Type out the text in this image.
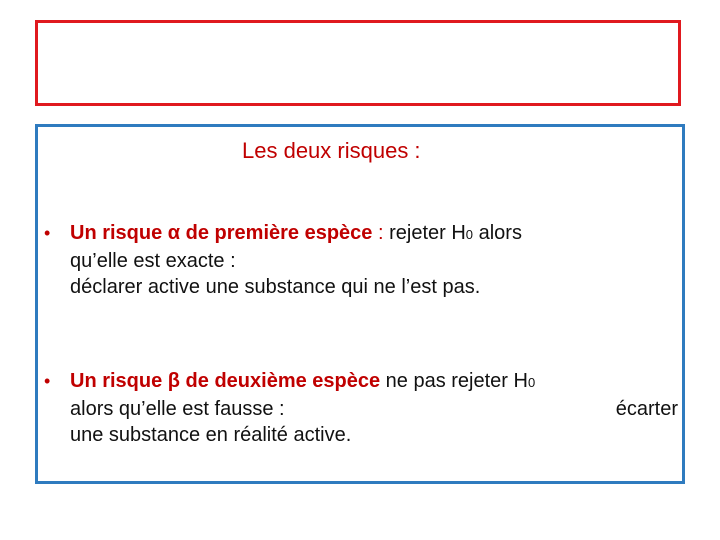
Les deux risques :
• Un risque α de première espèce : rejeter H0 alors
qu’elle est exacte :
déclarer active une substance qui ne l’est pas.
• Un risque β de deuxième espèce ne pas rejeter H0
alors qu’elle est fausse :	écarter
une substance en réalité active.
